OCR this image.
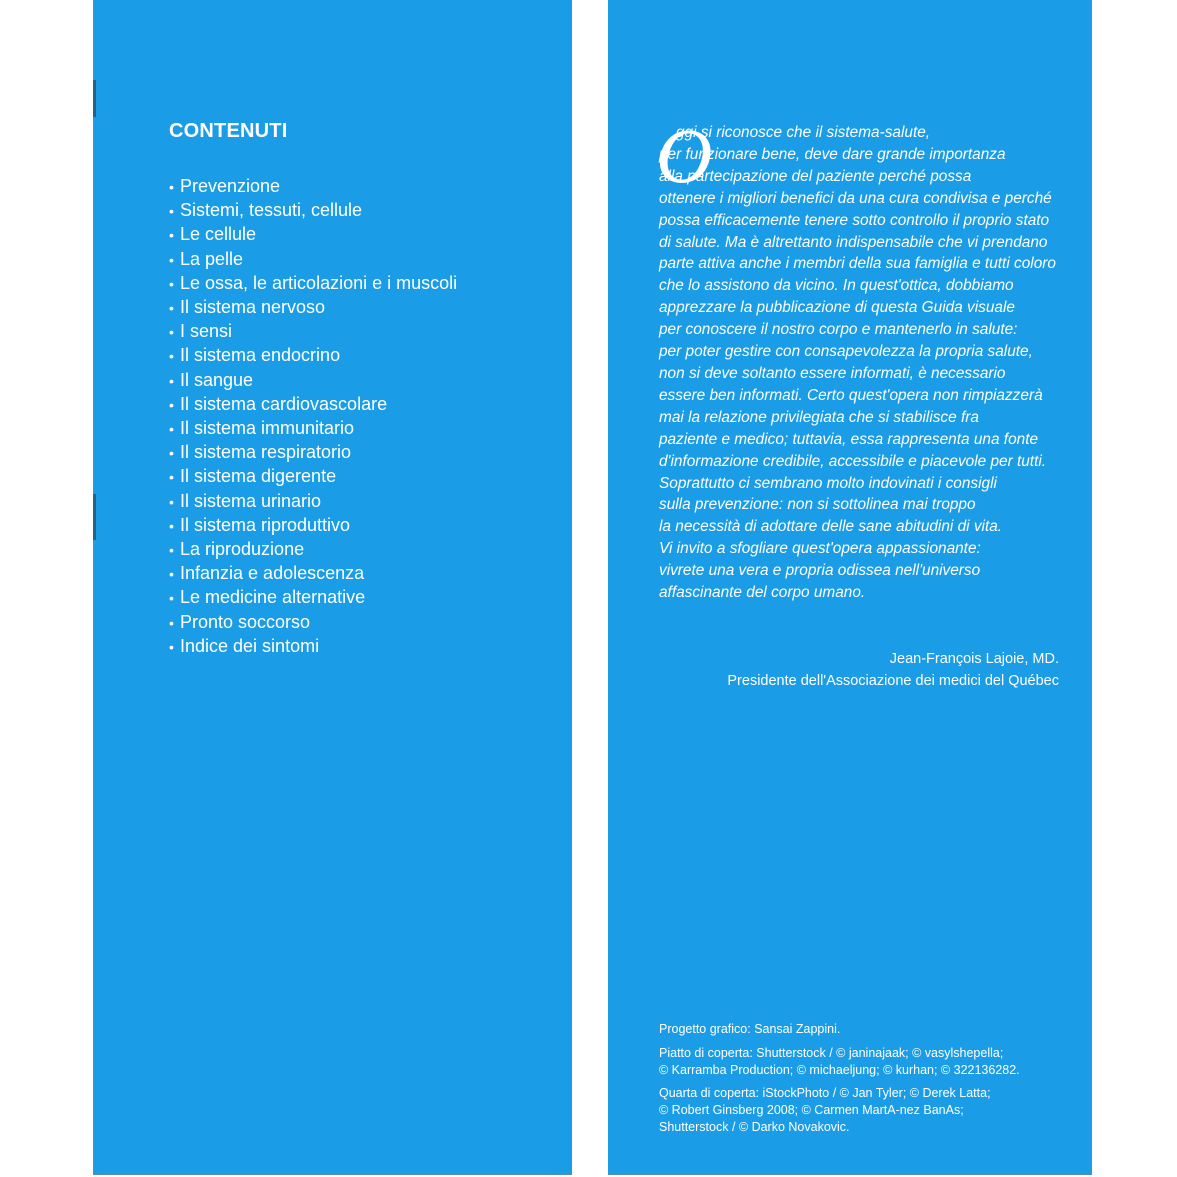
CONTENUTI
• Prevenzione
• Sistemi, tessuti, cellule
• Le cellule
• La pelle
• Le ossa, le articolazioni e i muscoli
• Il sistema nervoso
• I sensi
• Il sistema endocrino
• Il sangue
• Il sistema cardiovascolare
• Il sistema immunitario
• Il sistema respiratorio
• Il sistema digerente
• Il sistema urinario
• Il sistema riproduttivo
• La riproduzione
• Infanzia e adolescenza
• Le medicine alternative
• Pronto soccorso
• Indice dei sintomi
O
ggi si riconosce che il sistema-salute,
per funzionare bene, deve dare grande importanza
alla partecipazione del paziente perché possa
ottenere i migliori benefici da una cura condivisa e perché
possa efficacemente tenere sotto controllo il proprio stato
di salute. Ma è altrettanto indispensabile che vi prendano
parte attiva anche i membri della sua famiglia e tutti coloro
che lo assistono da vicino. In quest'ottica, dobbiamo
apprezzare la pubblicazione di questa Guida visuale
per conoscere il nostro corpo e mantenerlo in salute:
per poter gestire con consapevolezza la propria salute,
non si deve soltanto essere informati, è necessario
essere ben informati. Certo quest'opera non rimpiazzerà
mai la relazione privilegiata che si stabilisce fra
paziente e medico; tuttavia, essa rappresenta una fonte
d'informazione credibile, accessibile e piacevole per tutti.
Soprattutto ci sembrano molto indovinati i consigli
sulla prevenzione: non si sottolinea mai troppo
la necessità di adottare delle sane abitudini di vita.
Vi invito a sfogliare quest'opera appassionante:
vivrete una vera e propria odissea nell'universo
affascinante del corpo umano.
Jean-François Lajoie, MD.
Presidente dell'Associazione dei medici del Québec

Progetto grafico: Sansai Zappini.

Piatto di coperta: Shutterstock / © janinajaak; © vasylshepella;
© Karramba Production; © michaeljung; © kurhan; © 322136282.

Quarta di coperta: iStockPhoto / © Jan Tyler; © Derek Latta;
© Robert Ginsberg 2008; © Carmen MartA-nez BanAs;
Shutterstock / © Darko Novakovic.
